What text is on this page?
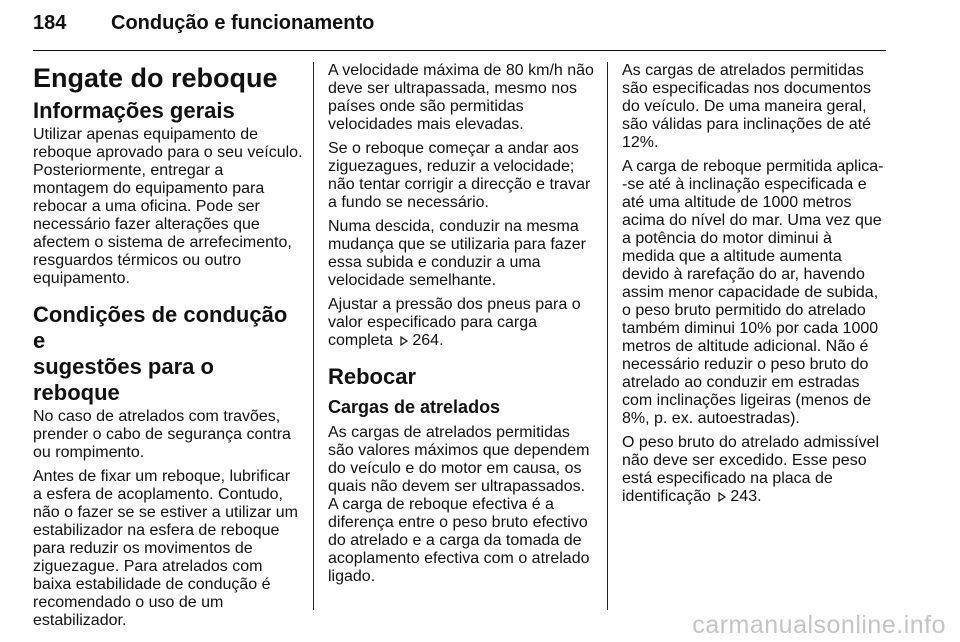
184 Condução e funcionamento
Engate do reboque
Informações gerais

Utilizar apenas equipamento de reboque aprovado para o seu veículo. Posteriormente, entregar a montagem do equipamento para rebocar a uma oficina. Pode ser necessário fazer alterações que afectem o sistema de arrefecimento, resguardos térmicos ou outro equipamento.

Condições de condução e
sugestões para o reboque

No caso de atrelados com travões, prender o cabo de segurança contra ou rompimento.

Antes de fixar um reboque, lubrificar a esfera de acoplamento. Contudo, não o fazer se se estiver a utilizar um estabilizador na esfera de reboque para reduzir os movimentos de ziguezague. Para atrelados com baixa estabilidade de condução é recomendado o uso de um estabilizador.

A velocidade máxima de 80 km/h não deve ser ultrapassada, mesmo nos países onde são permitidas velocidades mais elevadas.

Se o reboque começar a andar aos ziguezagues, reduzir a velocidade; não tentar corrigir a direcção e travar a fundo se necessário.

Numa descida, conduzir na mesma mudança que se utilizaria para fazer essa subida e conduzir a uma velocidade semelhante.

Ajustar a pressão dos pneus para o valor especificado para carga completa 264.

Rebocar
Cargas de atrelados

As cargas de atrelados permitidas são valores máximos que dependem do veículo e do motor em causa, os quais não devem ser ultrapassados. A carga de reboque efectiva é a diferença entre o peso bruto efectivo do atrelado e a carga da tomada de acoplamento efectiva com o atrelado ligado.

As cargas de atrelados permitidas são especificadas nos documentos do veículo. De uma maneira geral, são válidas para inclinações de até 12%.

A carga de reboque permitida aplica-
-se até à inclinação especificada e até uma altitude de 1000 metros acima do nível do mar. Uma vez que a potência do motor diminui à medida que a altitude aumenta devido à rarefação do ar, havendo assim menor capacidade de subida, o peso bruto permitido do atrelado também diminui 10% por cada 1000 metros de altitude adicional. Não é necessário reduzir o peso bruto do atrelado ao conduzir em estradas com inclinações ligeiras (menos de 8%, p. ex. autoestradas).

O peso bruto do atrelado admissível não deve ser excedido. Esse peso está especificado na placa de identificação 243.

carmanualsonline.info
